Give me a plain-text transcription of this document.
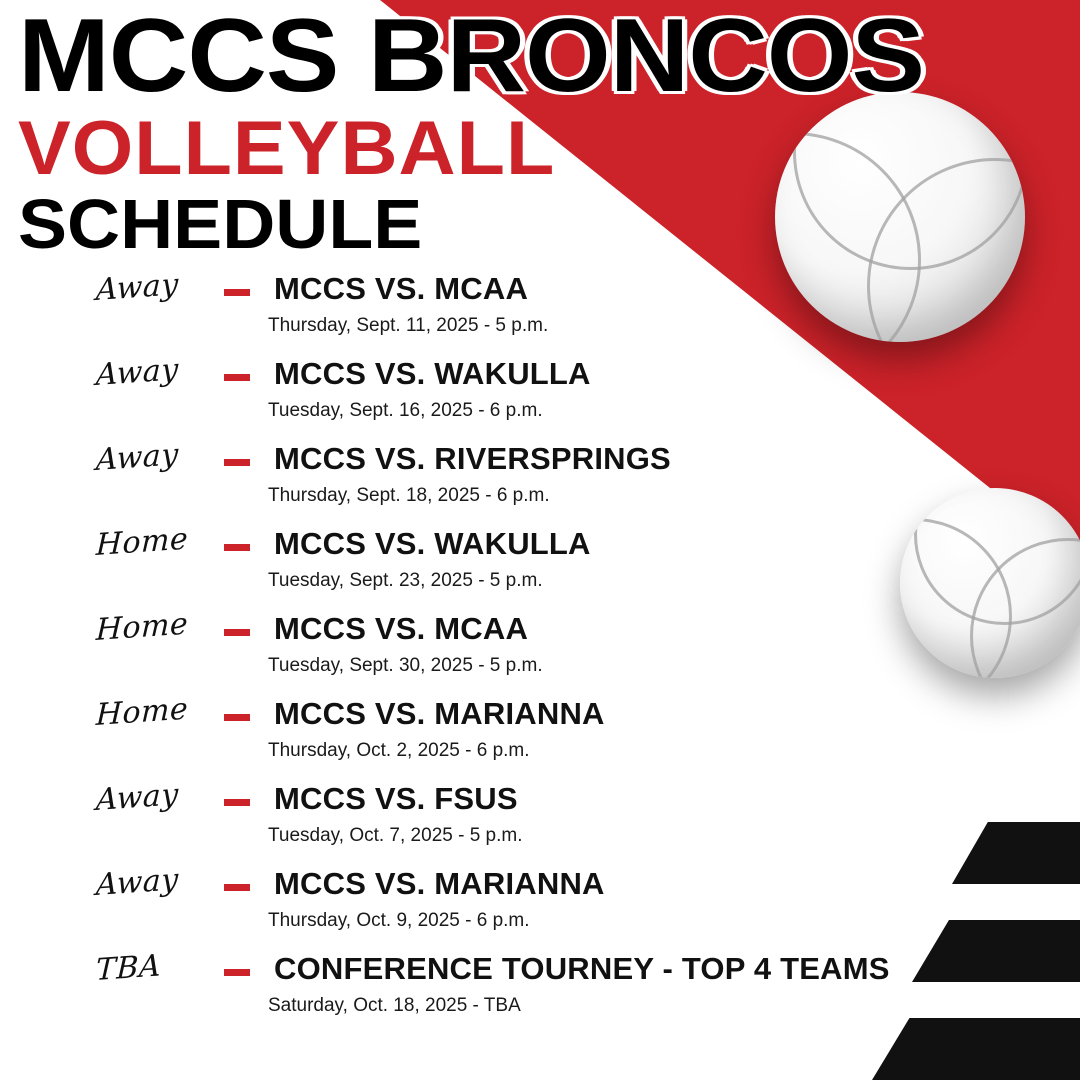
MCCS BRONCOS
VOLLEYBALL
SCHEDULE
Away	MCCS VS. MCAA
Thursday, Sept. 11, 2025 - 5 p.m.
Away	MCCS VS. WAKULLA
Tuesday, Sept. 16, 2025 - 6 p.m.
Away	MCCS VS. RIVERSPRINGS
Thursday, Sept. 18, 2025 - 6 p.m.
Home	MCCS VS. WAKULLA
Tuesday, Sept. 23, 2025 - 5 p.m.
Home	MCCS VS. MCAA
Tuesday, Sept. 30, 2025 - 5 p.m.
Home	MCCS VS. MARIANNA
Thursday, Oct. 2, 2025 - 6 p.m.
Away	MCCS VS. FSUS
Tuesday, Oct. 7, 2025 - 5 p.m.
Away	MCCS VS. MARIANNA
Thursday, Oct. 9, 2025 - 6 p.m.
TBA	CONFERENCE TOURNEY - TOP 4 TEAMS
Saturday, Oct. 18, 2025 - TBA
